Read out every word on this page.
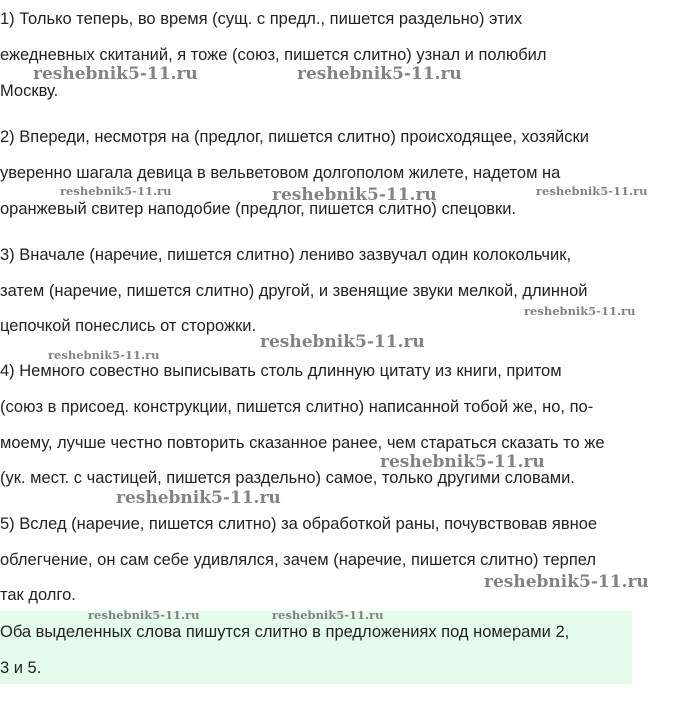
1) Только теперь, во время (сущ. с предл., пишется раздельно) этих
ежедневных скитаний, я тоже (союз, пишется слитно) узнал и полюбил
Москву.
2) Впереди, несмотря на (предлог, пишется слитно) происходящее, хозяйски
уверенно шагала девица в вельветовом долгополом жилете, надетом на
оранжевый свитер наподобие (предлог, пишется слитно) спецовки.
3) Вначале (наречие, пишется слитно) лениво зазвучал один колокольчик,
затем (наречие, пишется слитно) другой, и звенящие звуки мелкой, длинной
цепочкой понеслись от сторожки.
4) Немного совестно выписывать столь длинную цитату из книги, притом
(союз в присоед. конструкции, пишется слитно) написанной тобой же, но, по-
моему, лучше честно повторить сказанное ранее, чем стараться сказать то же
(ук. мест. с частицей, пишется раздельно) самое, только другими словами.
5) Вслед (наречие, пишется слитно) за обработкой раны, почувствовав явное
облегчение, он сам себе удивлялся, зачем (наречие, пишется слитно) терпел
так долго.
Оба выделенных слова пишутся слитно в предложениях под номерами 2,
3 и 5.
reshebnik5-11.ru	reshebnik5-11.ru
reshebnik5-11.ru	reshebnik5-11.ru	reshebnik5-11.ru
reshebnik5-11.ru
reshebnik5-11.ru
reshebnik5-11.ru
reshebnik5-11.ru
reshebnik5-11.ru
reshebnik5-11.ru
reshebnik5-11.ru	reshebnik5-11.ru
